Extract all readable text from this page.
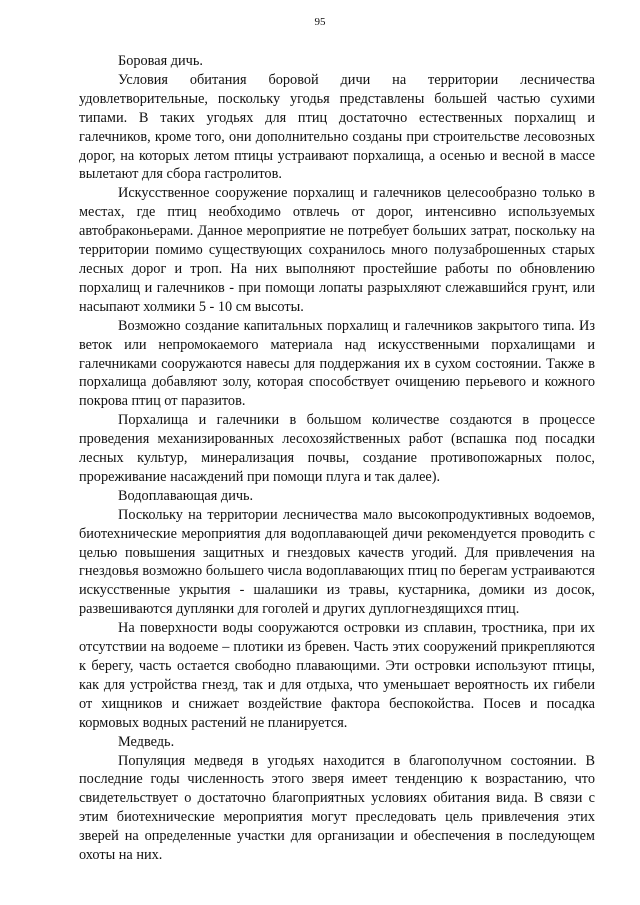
95

Боровая дичь.

Условия обитания боровой дичи на территории лесничества удовлетворительные, поскольку угодья представлены большей частью сухими типами. В таких угодьях для птиц достаточно естественных порхалищ и галечников, кроме того, они дополнительно созданы при строительстве лесовозных дорог, на которых летом птицы устраивают порхалища, а осенью и весной в массе вылетают для сбора гастролитов.

Искусственное сооружение порхалищ и галечников целесообразно только в местах, где птиц необходимо отвлечь от дорог, интенсивно используемых автобраконьерами. Данное мероприятие не потребует больших затрат, поскольку на территории помимо существующих сохранилось много полузаброшенных старых лесных дорог и троп. На них выполняют простейшие работы по обновлению порхалищ и галечников - при помощи лопаты разрыхляют слежавшийся грунт, или насыпают холмики 5 - 10 см высоты.

Возможно создание капитальных порхалищ и галечников закрытого типа. Из веток или непромокаемого материала над искусственными порхалищами и галечниками сооружаются навесы для поддержания их в сухом состоянии. Также в порхалища добавляют золу, которая способствует очищению перьевого и кожного покрова птиц от паразитов.

Порхалища и галечники в большом количестве создаются в процессе проведения механизированных лесохозяйственных работ (вспашка под посадки лесных культур, минерализация почвы, создание противопожарных полос, прореживание насаждений при помощи плуга и так далее).

Водоплавающая дичь.

Поскольку на территории лесничества мало высокопродуктивных водоемов, биотехнические мероприятия для водоплавающей дичи рекомендуется проводить с целью повышения защитных и гнездовых качеств угодий. Для привлечения на гнездовья возможно большего числа водоплавающих птиц по берегам устраиваются искусственные укрытия - шалашики из травы, кустарника, домики из досок, развешиваются дуплянки для гоголей и других дуплогнездящихся птиц.

На поверхности воды сооружаются островки из сплавин, тростника, при их отсутствии на водоеме – плотики из бревен. Часть этих сооружений прикрепляются к берегу, часть остается свободно плавающими. Эти островки используют птицы, как для устройства гнезд, так и для отдыха, что уменьшает вероятность их гибели от хищников и снижает воздействие фактора беспокойства. Посев и посадка кормовых водных растений не планируется.

Медведь.

Популяция медведя в угодьях находится в благополучном состоянии. В последние годы численность этого зверя имеет тенденцию к возрастанию, что свидетельствует о достаточно благоприятных условиях обитания вида. В связи с этим биотехнические мероприятия могут преследовать цель привлечения этих зверей на определенные участки для организации и обеспечения в последующем охоты на них.
